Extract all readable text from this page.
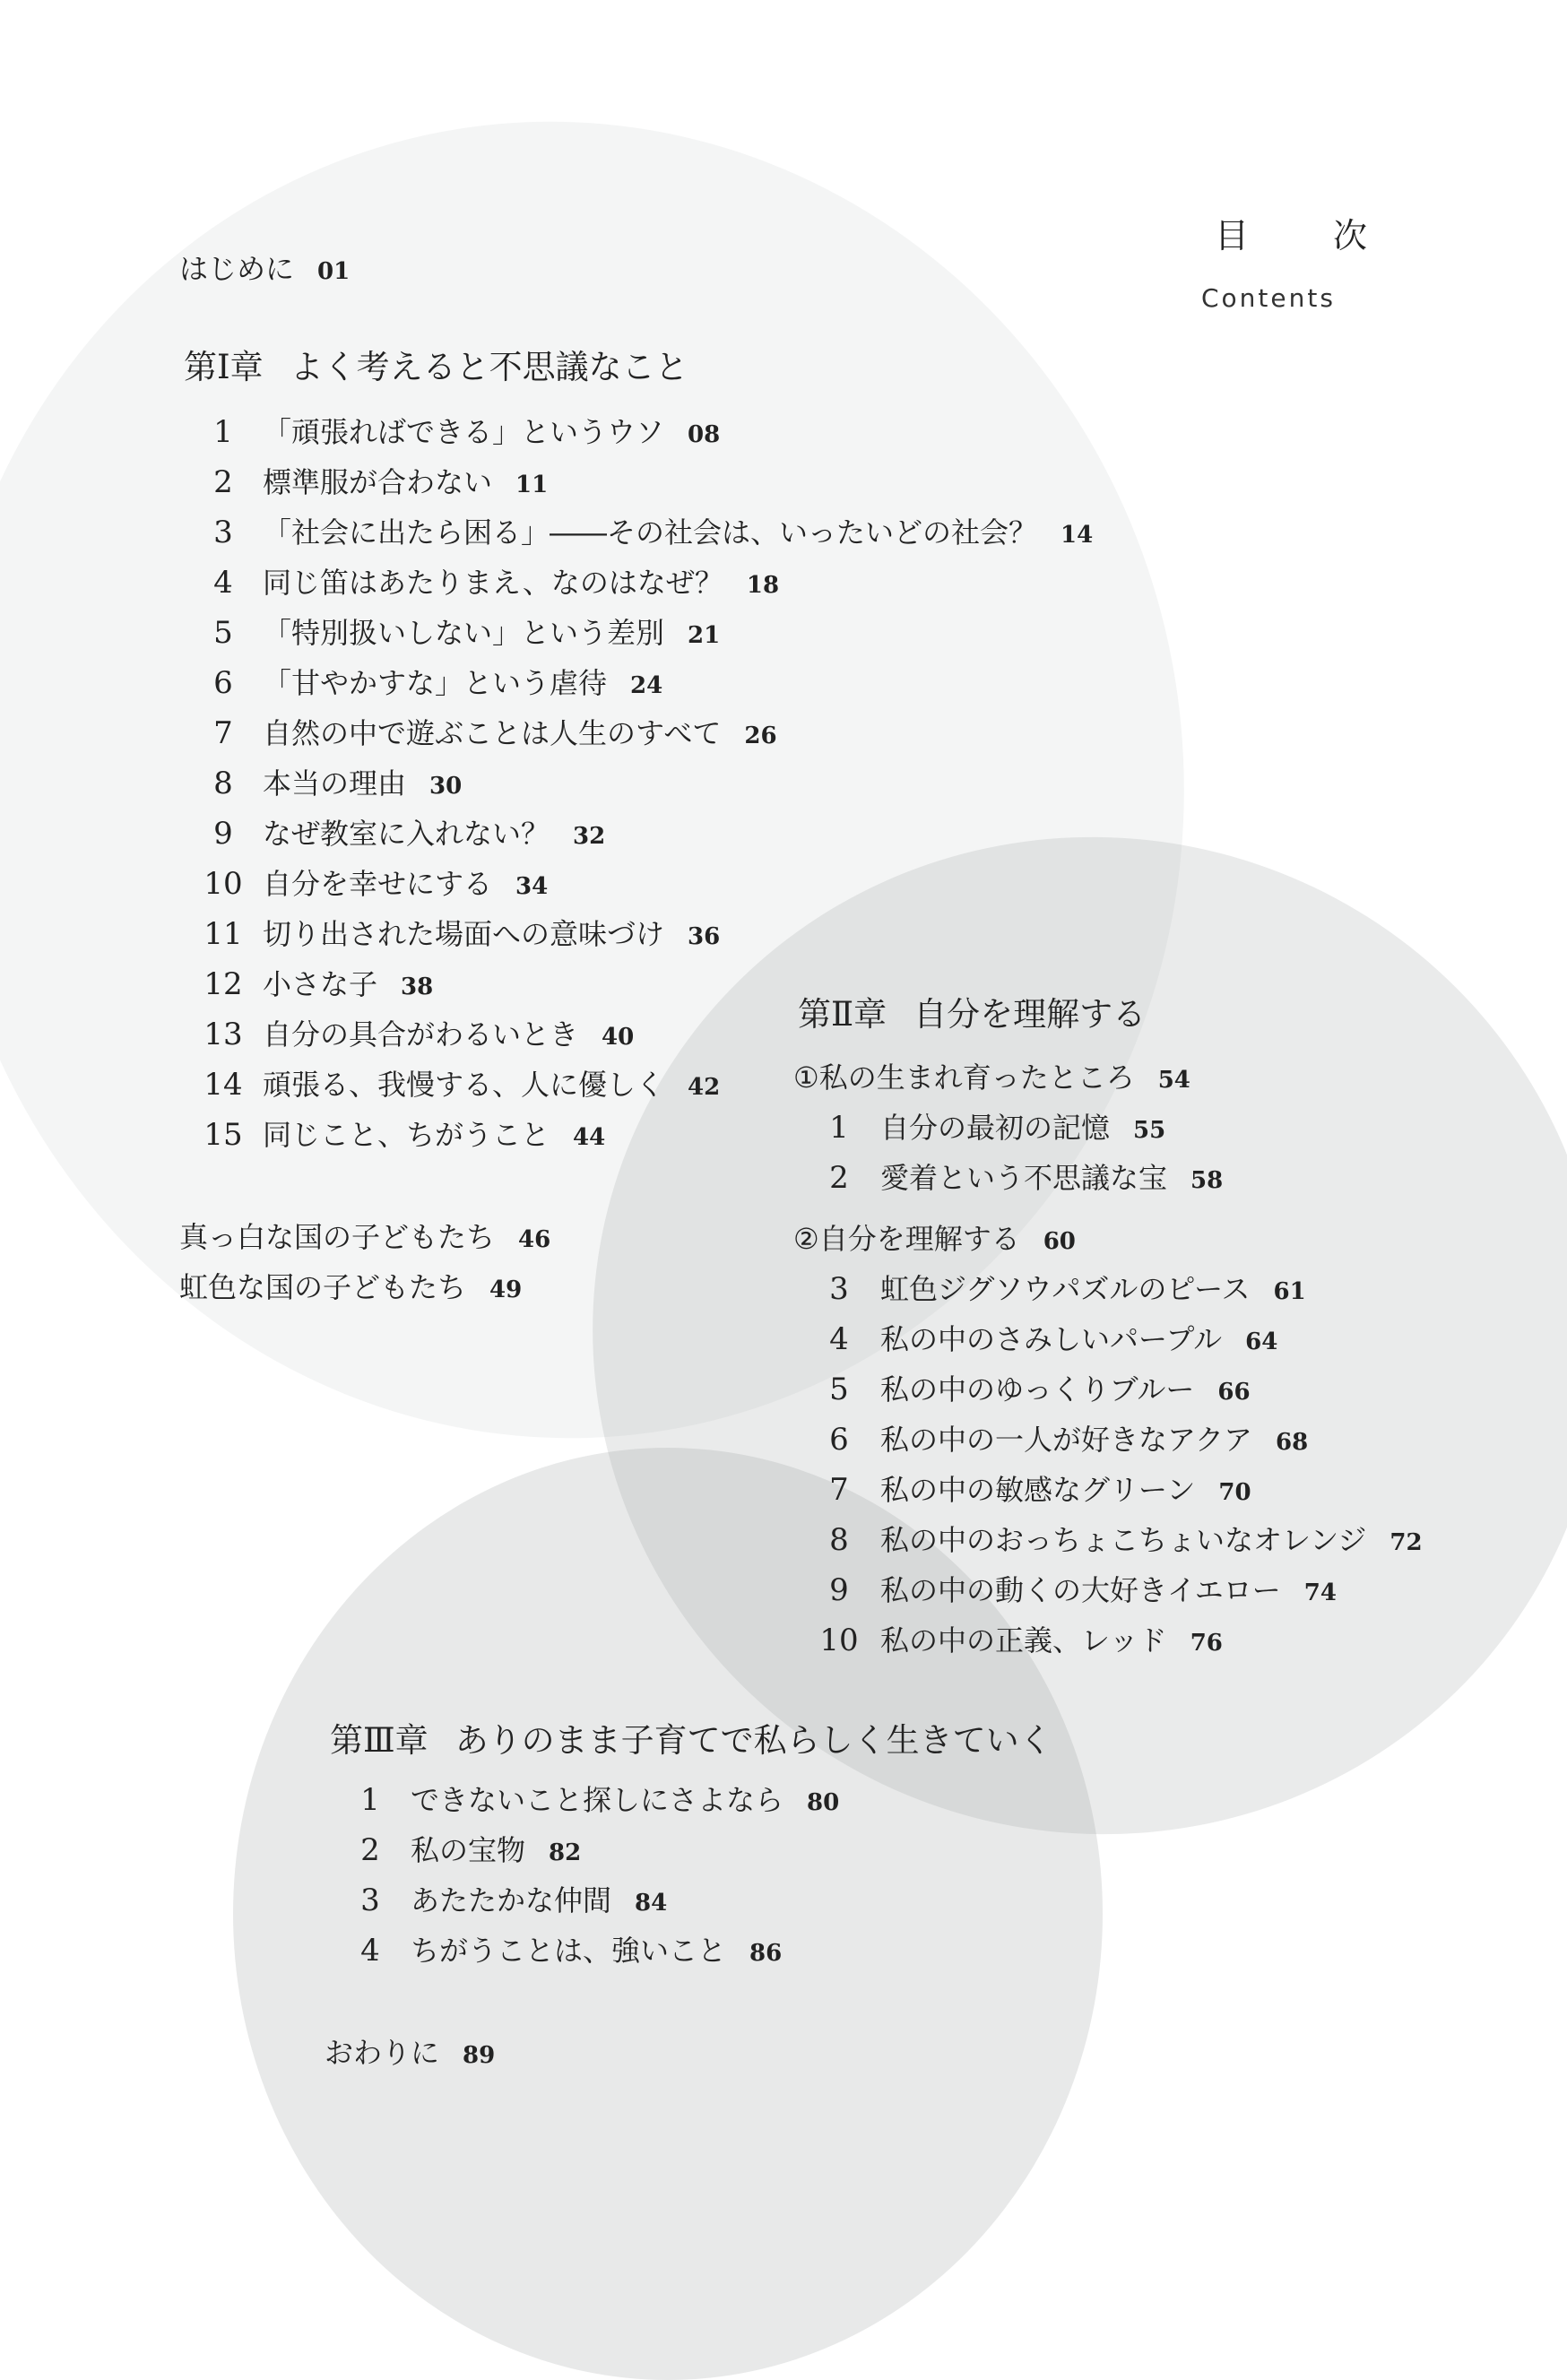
目　次
Contents
はじめに 01
第Ⅰ章 よく考えると不思議なこと
1 「頑張ればできる」というウソ 08
2 標準服が合わない 11
3 「社会に出たら困る」――その社会は、いったいどの社会？ 14
4 同じ笛はあたりまえ、なのはなぜ？ 18
5 「特別扱いしない」という差別 21
6 「甘やかすな」という虐待 24
7 自然の中で遊ぶことは人生のすべて 26
8 本当の理由 30
9 なぜ教室に入れない？ 32
10 自分を幸せにする 34
11 切り出された場面への意味づけ 36
12 小さな子 38
13 自分の具合がわるいとき 40
14 頑張る、我慢する、人に優しく 42
15 同じこと、ちがうこと 44
真っ白な国の子どもたち 46
虹色な国の子どもたち 49
第Ⅱ章 自分を理解する
①私の生まれ育ったところ 54
1 自分の最初の記憶 55
2 愛着という不思議な宝 58
②自分を理解する 60
3 虹色ジグソウパズルのピース 61
4 私の中のさみしいパープル 64
5 私の中のゆっくりブルー 66
6 私の中の一人が好きなアクア 68
7 私の中の敏感なグリーン 70
8 私の中のおっちょこちょいなオレンジ 72
9 私の中の動くの大好きイエロー 74
10 私の中の正義、レッド 76
第Ⅲ章 ありのまま子育てで私らしく生きていく
1 できないこと探しにさよなら 80
2 私の宝物 82
3 あたたかな仲間 84
4 ちがうことは、強いこと 86
おわりに 89
